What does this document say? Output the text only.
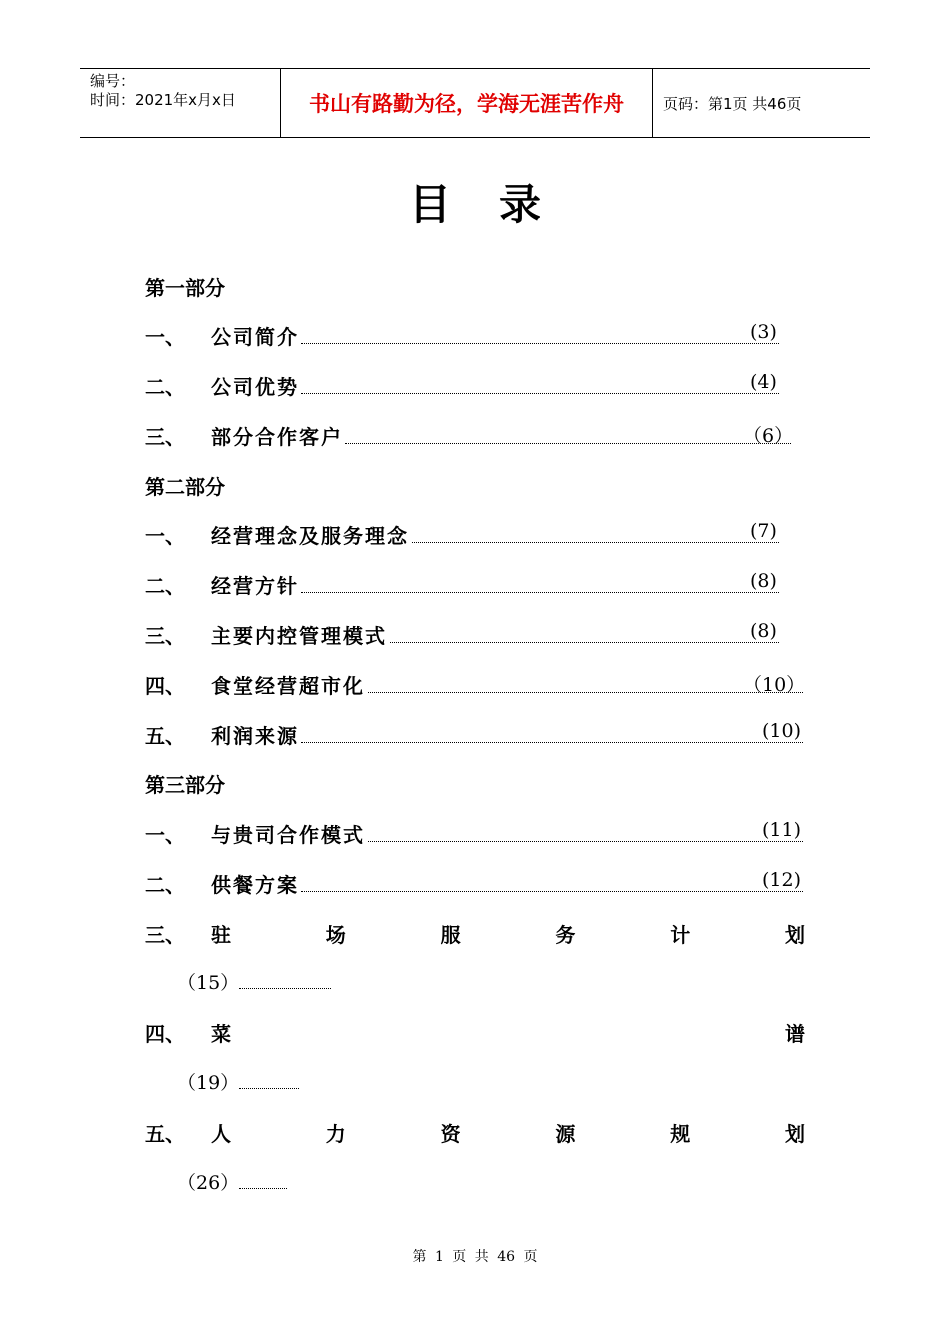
编号：
时间：2021年x月x日	书山有路勤为径，学海无涯苦作舟	页码：第1页 共46页
目录
第一部分
一、 公司简介	(3)
二、 公司优势	(4)
三、 部分合作客户	（6）
第二部分
一、 经营理念及服务理念	(7)
二、 经营方针	(8)
三、 主要内控管理模式	(8)
四、 食堂经营超市化	（10）
五、 利润来源	(10)
第三部分
一、 与贵司合作模式	(11)
二、 供餐方案	(12)
三、 驻	场	服	务	计	划
（15）
四、 菜	谱
（19）
五、 人	力	资	源	规	划
（26）
第 1 页 共 46 页
